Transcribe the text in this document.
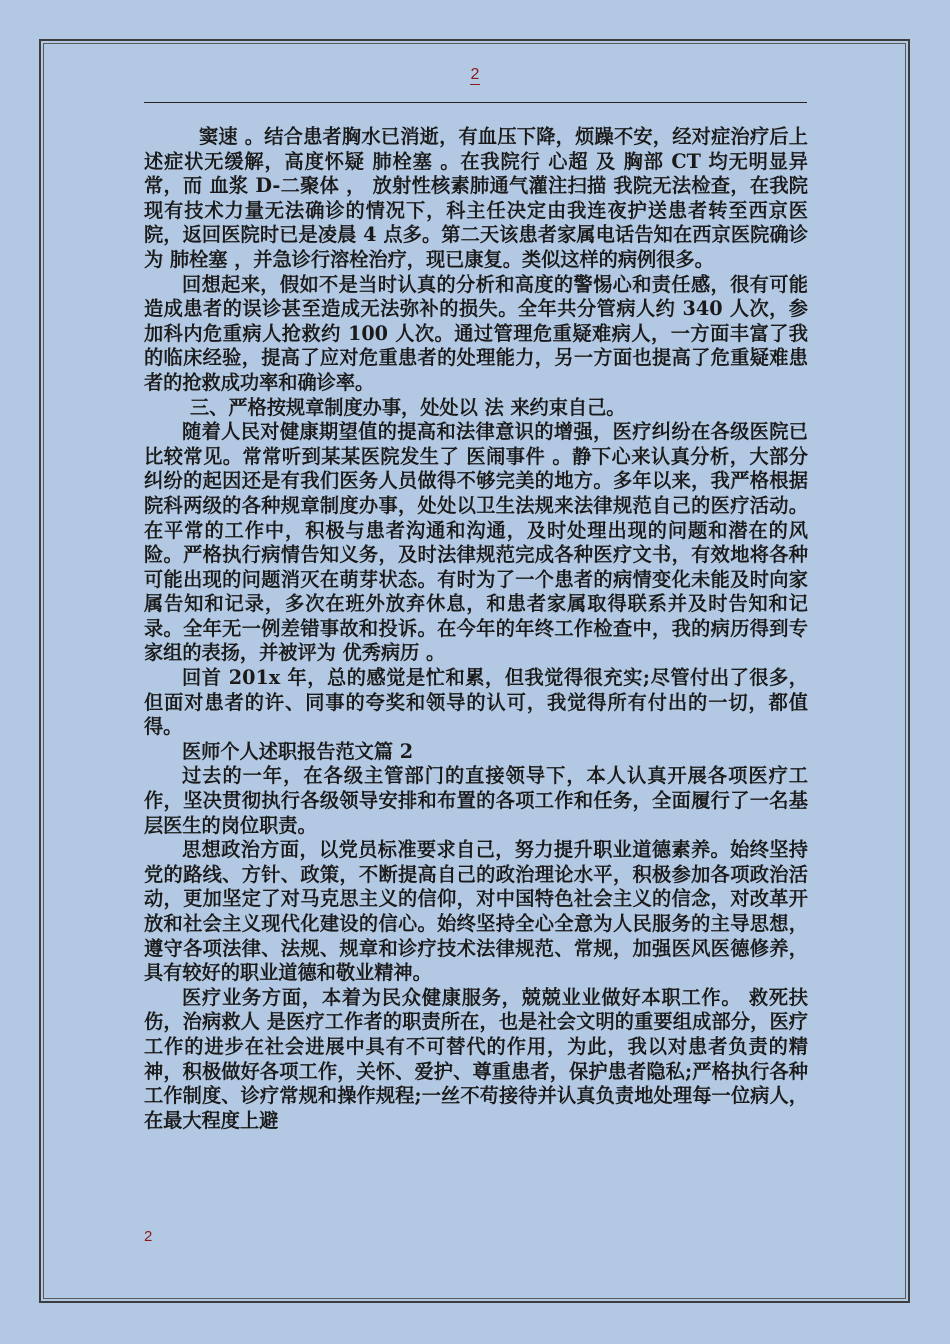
2

窦速 。结合患者胸水已消逝，有血压下降，烦躁不安，经对症治疗后上述症状无缓解，高度怀疑 肺栓塞 。在我院行 心超 及 胸部 CT 均无明显异常，而 血浆 D-二聚体 ， 放射性核素肺通气灌注扫描 我院无法检查，在我院现有技术力量无法确诊的情况下，科主任决定由我连夜护送患者转至西京医院，返回医院时已是凌晨 4 点多。第二天该患者家属电话告知在西京医院确诊为 肺栓塞 ，并急诊行溶栓治疗，现已康复。类似这样的病例很多。

回想起来，假如不是当时认真的分析和高度的警惕心和责任感，很有可能造成患者的误诊甚至造成无法弥补的损失。全年共分管病人约 340 人次，参加科内危重病人抢救约 100 人次。通过管理危重疑难病人，一方面丰富了我的临床经验，提高了应对危重患者的处理能力，另一方面也提高了危重疑难患者的抢救成功率和确诊率。

三、严格按规章制度办事，处处以 法 来约束自己。

随着人民对健康期望值的提高和法律意识的增强，医疗纠纷在各级医院已比较常见。常常听到某某医院发生了 医闹事件 。静下心来认真分析，大部分纠纷的起因还是有我们医务人员做得不够完美的地方。多年以来，我严格根据院科两级的各种规章制度办事，处处以卫生法规来法律规范自己的医疗活动。在平常的工作中，积极与患者沟通和沟通，及时处理出现的问题和潜在的风险。严格执行病情告知义务，及时法律规范完成各种医疗文书，有效地将各种可能出现的问题消灭在萌芽状态。有时为了一个患者的病情变化未能及时向家属告知和记录，多次在班外放弃休息，和患者家属取得联系并及时告知和记录。全年无一例差错事故和投诉。在今年的年终工作检查中，我的病历得到专家组的表扬，并被评为 优秀病历 。

回首 201x 年，总的感觉是忙和累，但我觉得很充实;尽管付出了很多，但面对患者的许、同事的夸奖和领导的认可，我觉得所有付出的一切，都值得。

医师个人述职报告范文篇 2

过去的一年，在各级主管部门的直接领导下，本人认真开展各项医疗工作，坚决贯彻执行各级领导安排和布置的各项工作和任务，全面履行了一名基层医生的岗位职责。

思想政治方面，以党员标准要求自己，努力提升职业道德素养。始终坚持党的路线、方针、政策，不断提高自己的政治理论水平，积极参加各项政治活动，更加坚定了对马克思主义的信仰，对中国特色社会主义的信念，对改革开放和社会主义现代化建设的信心。始终坚持全心全意为人民服务的主导思想，遵守各项法律、法规、规章和诊疗技术法律规范、常规，加强医风医德修养，具有较好的职业道德和敬业精神。

医疗业务方面，本着为民众健康服务，兢兢业业做好本职工作。 救死扶伤，治病救人 是医疗工作者的职责所在，也是社会文明的重要组成部分，医疗工作的进步在社会进展中具有不可替代的作用，为此，我以对患者负责的精神，积极做好各项工作，关怀、爱护、尊重患者，保护患者隐私;严格执行各种工作制度、诊疗常规和操作规程;一丝不苟接待并认真负责地处理每一位病人，在最大程度上避

2
